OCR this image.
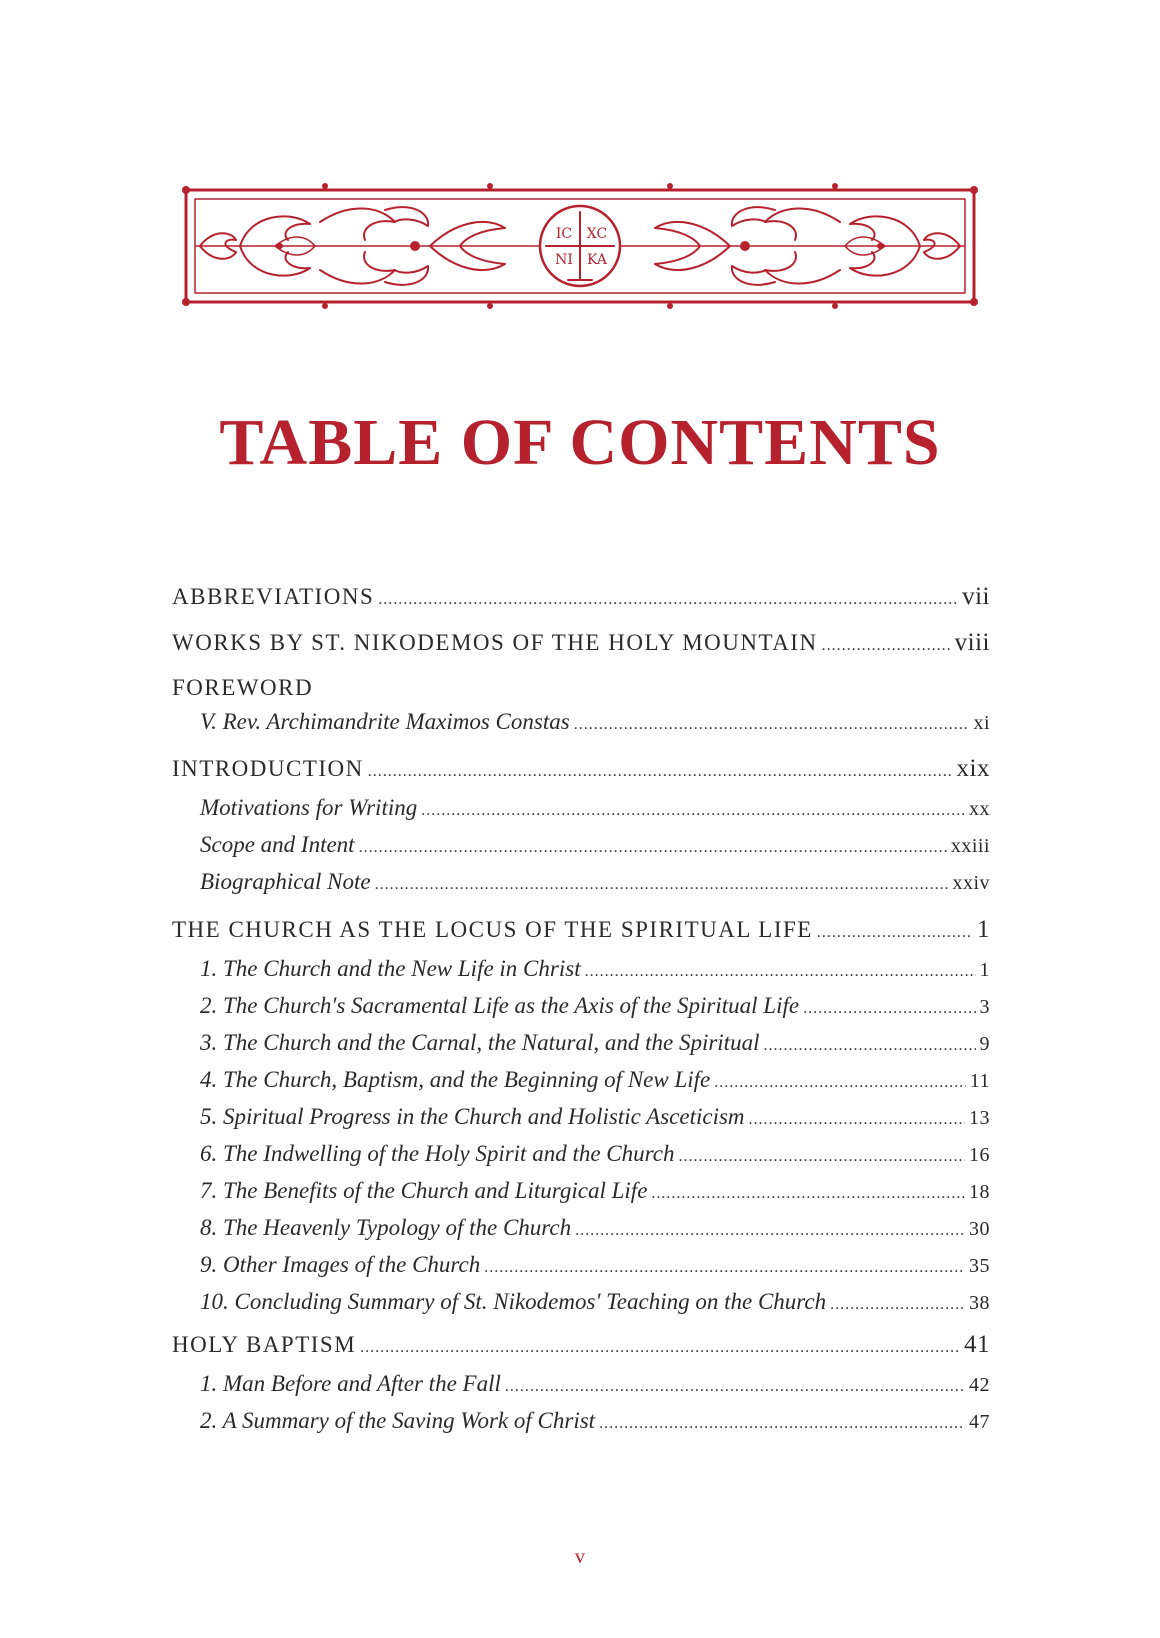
IC XC
NI KA
TABLE OF CONTENTS
ABBREVIATIONS .....	vii
WORKS BY ST. NIKODEMOS OF THE HOLY MOUNTAIN .....	viii
FOREWORD
V. Rev. Archimandrite Maximos Constas .....	xi
INTRODUCTION .....	xix
Motivations for Writing .....	xx
Scope and Intent .....	xxiii
Biographical Note .....	xxiv
THE CHURCH AS THE LOCUS OF THE SPIRITUAL LIFE .....	1
1. The Church and the New Life in Christ .....	1
2. The Church's Sacramental Life as the Axis of the Spiritual Life .....	3
3. The Church and the Carnal, the Natural, and the Spiritual .....	9
4. The Church, Baptism, and the Beginning of New Life .....	11
5. Spiritual Progress in the Church and Holistic Asceticism .....	13
6. The Indwelling of the Holy Spirit and the Church .....	16
7. The Benefits of the Church and Liturgical Life .....	18
8. The Heavenly Typology of the Church .....	30
9. Other Images of the Church .....	35
10. Concluding Summary of St. Nikodemos' Teaching on the Church .....	38
HOLY BAPTISM .....	41
1. Man Before and After the Fall .....	42
2. A Summary of the Saving Work of Christ .....	47
v
